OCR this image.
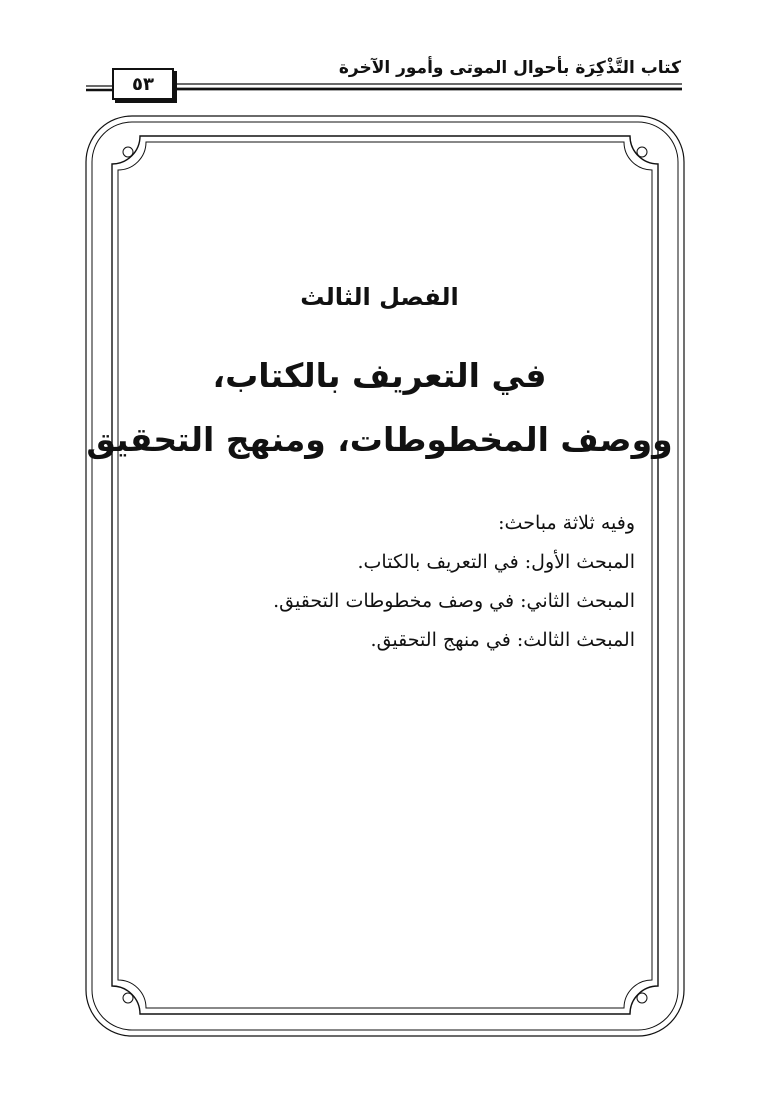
كتاب التَّذْكِرَة بأحوال الموتى وأمور الآخرة
٥٣
الفصل الثالث
في التعريف بالكتاب،
ووصف المخطوطات، ومنهج التحقيق
وفيه ثلاثة مباحث:
المبحث الأول: في التعريف بالكتاب.
المبحث الثاني: في وصف مخطوطات التحقيق.
المبحث الثالث: في منهج التحقيق.
